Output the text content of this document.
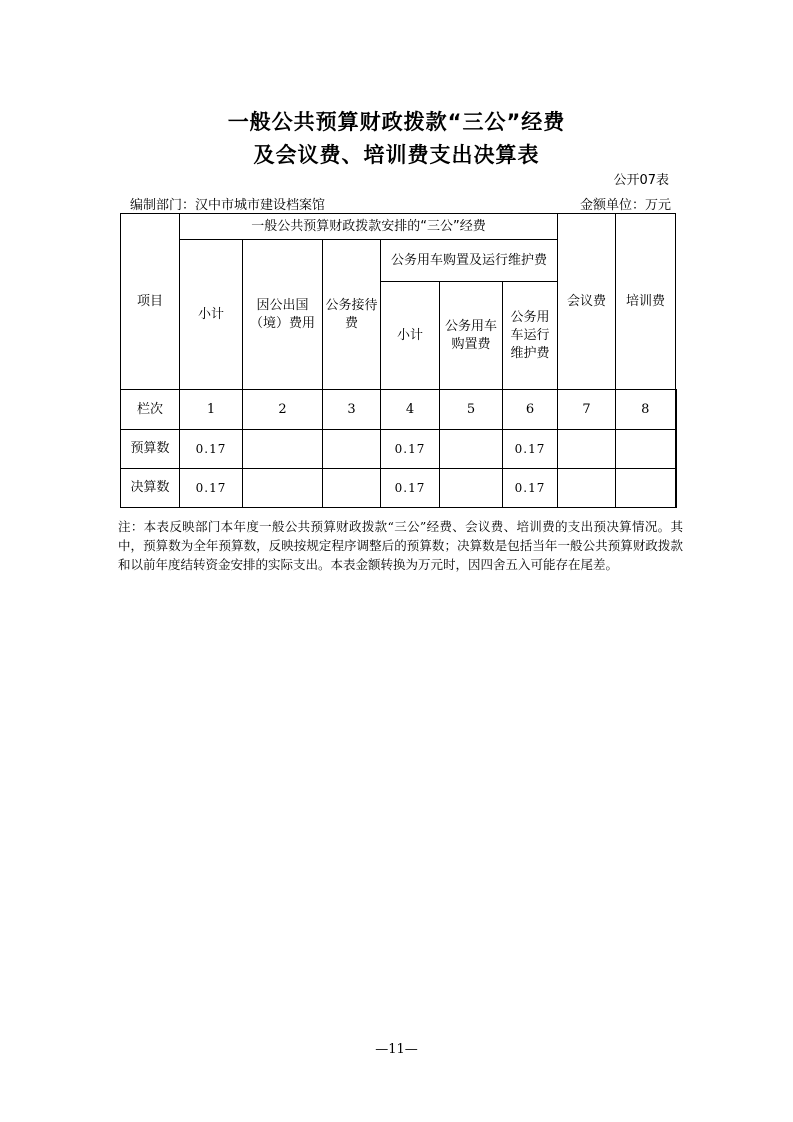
一般公共预算财政拨款“三公”经费
及会议费、培训费支出决算表
公开07表
编制部门：汉中市城市建设档案馆	金额单位：万元
项目	一般公共预算财政拨款安排的“三公”经费						会议费	培训费
	小计	因公出国（境）费用	公务接待费	公务用车购置及运行维护费				
				小计	公务用车购置费	公务用车运行维护费		

栏次	1	2	3	4	5	6	7	8
预算数	0.17			0.17		0.17		
决算数	0.17			0.17		0.17		
注：本表反映部门本年度一般公共预算财政拨款“三公”经费、会议费、培训费的支出预决算情况。其中，预算数为全年预算数，反映按规定程序调整后的预算数；决算数是包括当年一般公共预算财政拨款和以前年度结转资金安排的实际支出。本表金额转换为万元时，因四舍五入可能存在尾差。
—11—
